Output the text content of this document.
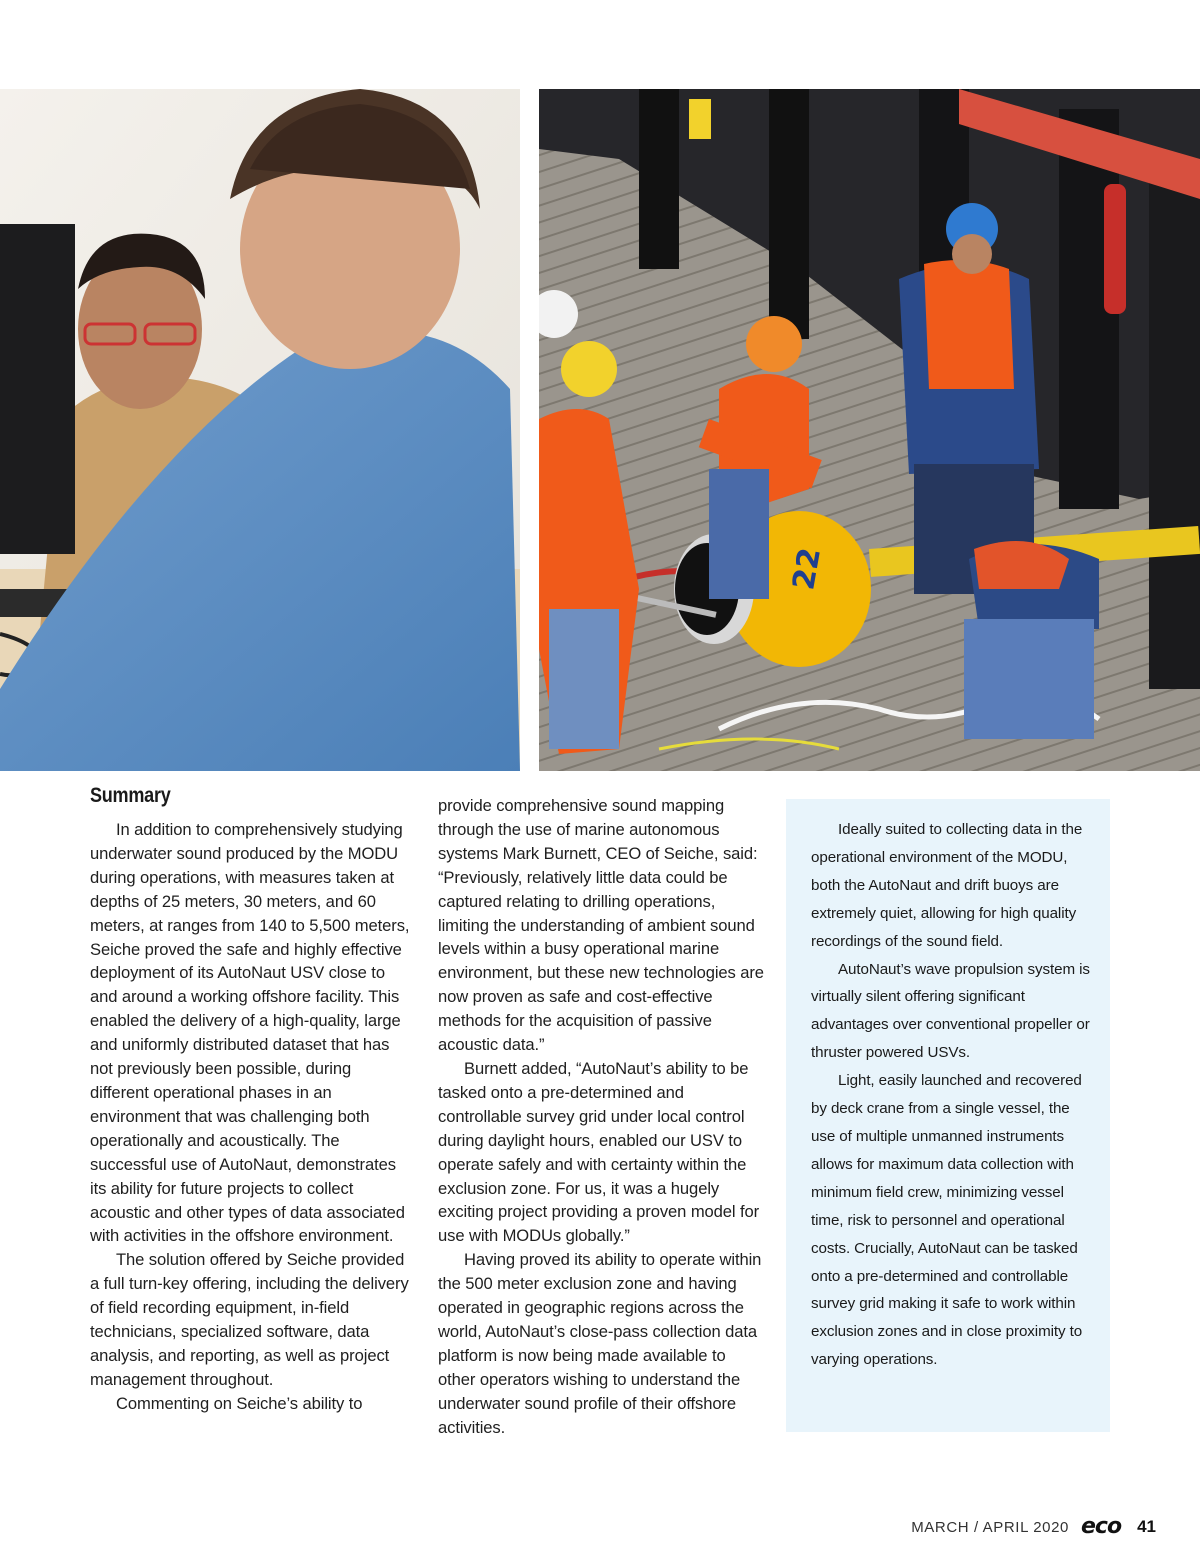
22
Summary

In addition to comprehensively studying underwater sound produced by the MODU during operations, with measures taken at depths of 25 meters, 30 meters, and 60 meters, at ranges from 140 to 5,500 meters, Seiche proved the safe and highly effective deployment of its AutoNaut USV close to and around a working offshore facility. This enabled the delivery of a high-quality, large and uniformly distributed dataset that has not previously been possible, during different operational phases in an environment that was challenging both operationally and acoustically. The successful use of AutoNaut, demonstrates its ability for future projects to collect acoustic and other types of data associated with activities in the offshore environment.

The solution offered by Seiche provided a full turn-key offering, including the delivery of field recording equipment, in-field technicians, specialized software, data analysis, and reporting, as well as project management throughout.

Commenting on Seiche’s ability to

provide comprehensive sound mapping through the use of marine autonomous systems Mark Burnett, CEO of Seiche, said: “Previously, relatively little data could be captured relating to drilling operations, limiting the understanding of ambient sound levels within a busy operational marine environment, but these new technologies are now proven as safe and cost-effective methods for the acquisition of passive acoustic data.”

Burnett added, “AutoNaut’s ability to be tasked onto a pre-determined and controllable survey grid under local control during daylight hours, enabled our USV to operate safely and with certainty within the exclusion zone. For us, it was a hugely exciting project providing a proven model for use with MODUs globally.”

Having proved its ability to operate within the 500 meter exclusion zone and having operated in geographic regions across the world, AutoNaut’s close-pass collection data platform is now being made available to other operators wishing to understand the underwater sound profile of their offshore activities.

Ideally suited to collecting data in the operational environment of the MODU, both the AutoNaut and drift buoys are extremely quiet, allowing for high quality recordings of the sound field.

AutoNaut’s wave propulsion system is virtually silent offering significant advantages over conventional propeller or thruster powered USVs.

Light, easily launched and recovered by deck crane from a single vessel, the use of multiple unmanned instruments allows for maximum data collection with minimum field crew, minimizing vessel time, risk to personnel and operational costs. Crucially, AutoNaut can be tasked onto a pre-determined and controllable survey grid making it safe to work within exclusion zones and in close proximity to varying operations.

MARCH / APRIL 2020 eco 41
